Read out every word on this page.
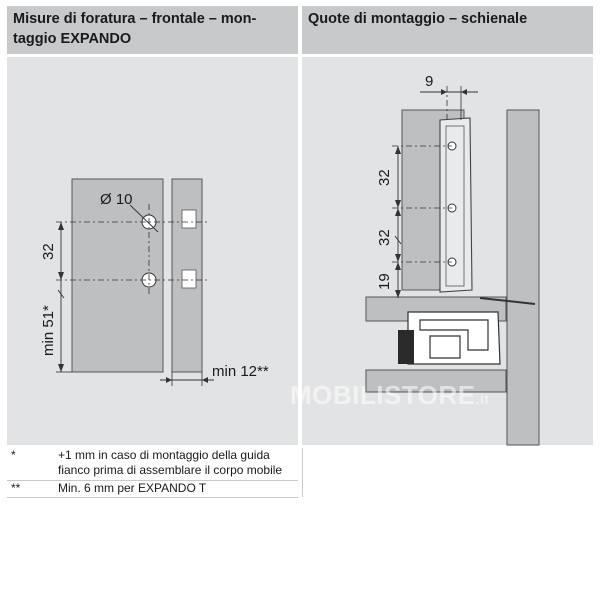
Misure di foratura – frontale – mon-
taggio EXPANDO
Quote di montaggio – schienale
Ø 10
32
min 51*
min 12**
9
32
32
19
MOBILISTORE.it
*	+1 mm in caso di montaggio della guida
fianco prima di assemblare il corpo mobile
**	Min. 6 mm per EXPANDO T
